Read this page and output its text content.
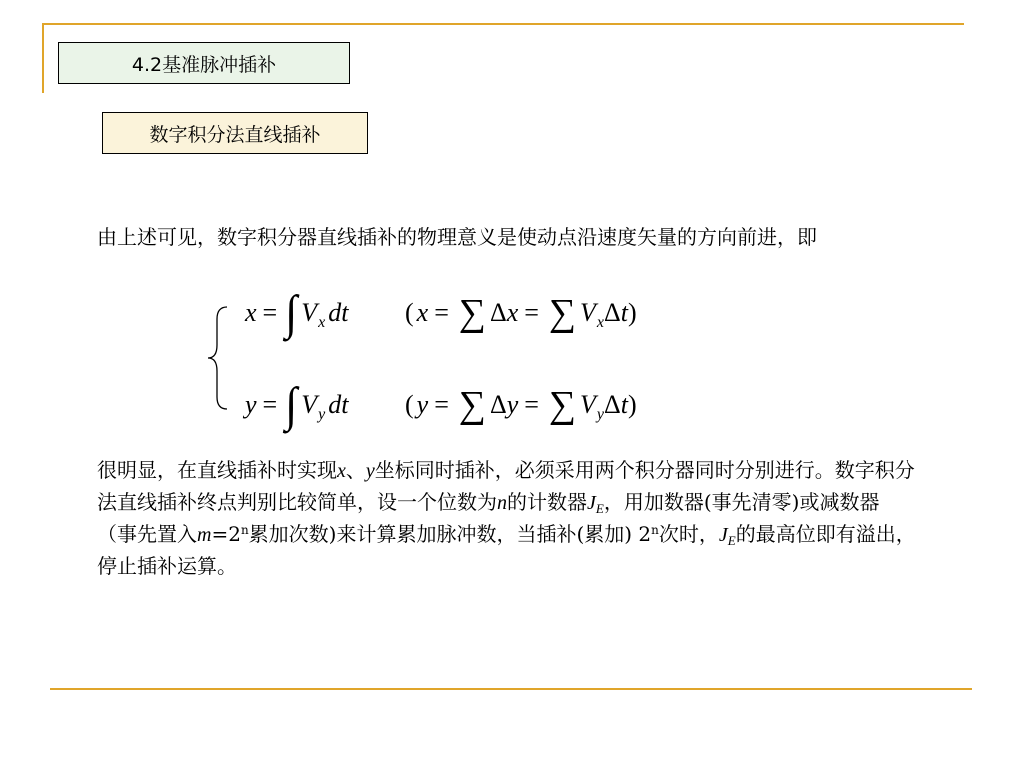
4.2基准脉冲插补
数字积分法直线插补

由上述可见，数字积分器直线插补的物理意义是使动点沿速度矢量的方向前进，即

x = ∫ V x dt ( x = ∑ Δ x = ∑ V x Δ t )
y = ∫ V y dt ( y = ∑ Δ y = ∑ V y Δ t )

很明显，在直线插补时实现x、y坐标同时插补，必须采用两个积分器同时分别进行。数字积分法直线插补终点判别比较简单，设一个位数为n的计数器$J_E$，用加数器(事先清零)或减数器（事先置入$m=2^n$累加次数)来计算累加脉冲数，当插补(累加) 2$^n$次时，$J_E$的最高位即有溢出，停止插补运算。
